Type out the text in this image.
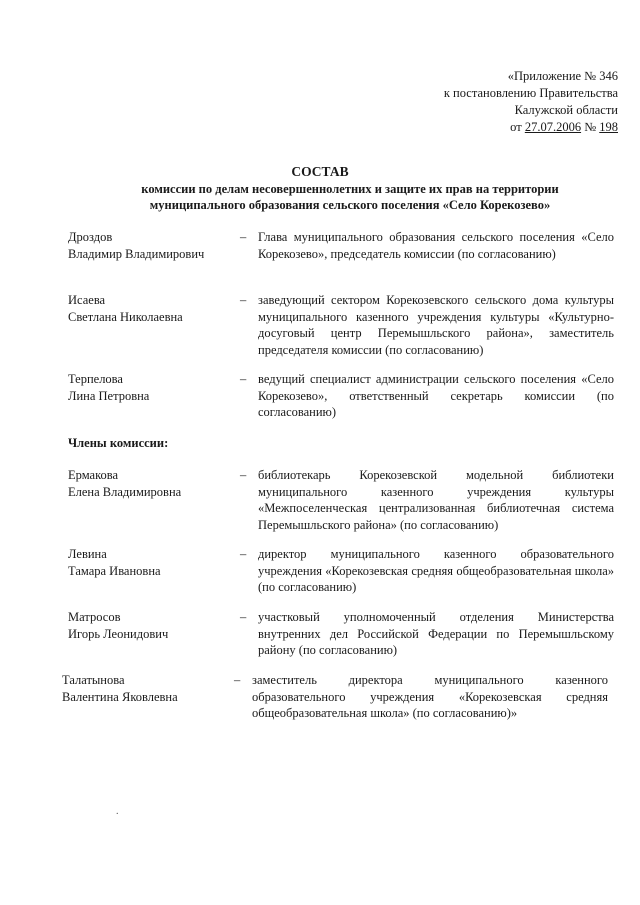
«Приложение № 346
к постановлению Правительства
Калужской области
от 27.07.2006 № 198
СОСТАВ
комиссии по делам несовершеннолетних и защите их прав на территории
муниципального образования сельского поселения «Село Корекозево»
Дроздов
Владимир Владимирович
– Глава муниципального образования сельского поселения «Село Корекозево», председатель комиссии (по согласованию)
Исаева
Светлана Николаевна
– заведующий сектором Корекозевского сельского дома культуры муниципального казенного учреждения культуры «Культурно-досуговый центр Перемышльского района», заместитель председателя комиссии (по согласованию)
Терпелова
Лина Петровна
– ведущий специалист администрации сельского поселения «Село Корекозево», ответственный секретарь комиссии (по согласованию)
Члены комиссии:
Ермакова
Елена Владимировна
– библиотекарь Корекозевской модельной библиотеки муниципального казенного учреждения культуры «Межпоселенческая централизованная библиотечная система Перемышльского района» (по согласованию)
Левина
Тамара Ивановна
– директор муниципального казенного образовательного учреждения «Корекозевская средняя общеобразовательная школа» (по согласованию)
Матросов
Игорь Леонидович
– участковый уполномоченный отделения Министерства внутренних дел Российской Федерации по Перемышльскому району (по согласованию)
Талатынова
Валентина Яковлевна
– заместитель директора муниципального казенного образовательного учреждения «Корекозевская средняя общеобразовательная школа» (по согласованию)»
.
